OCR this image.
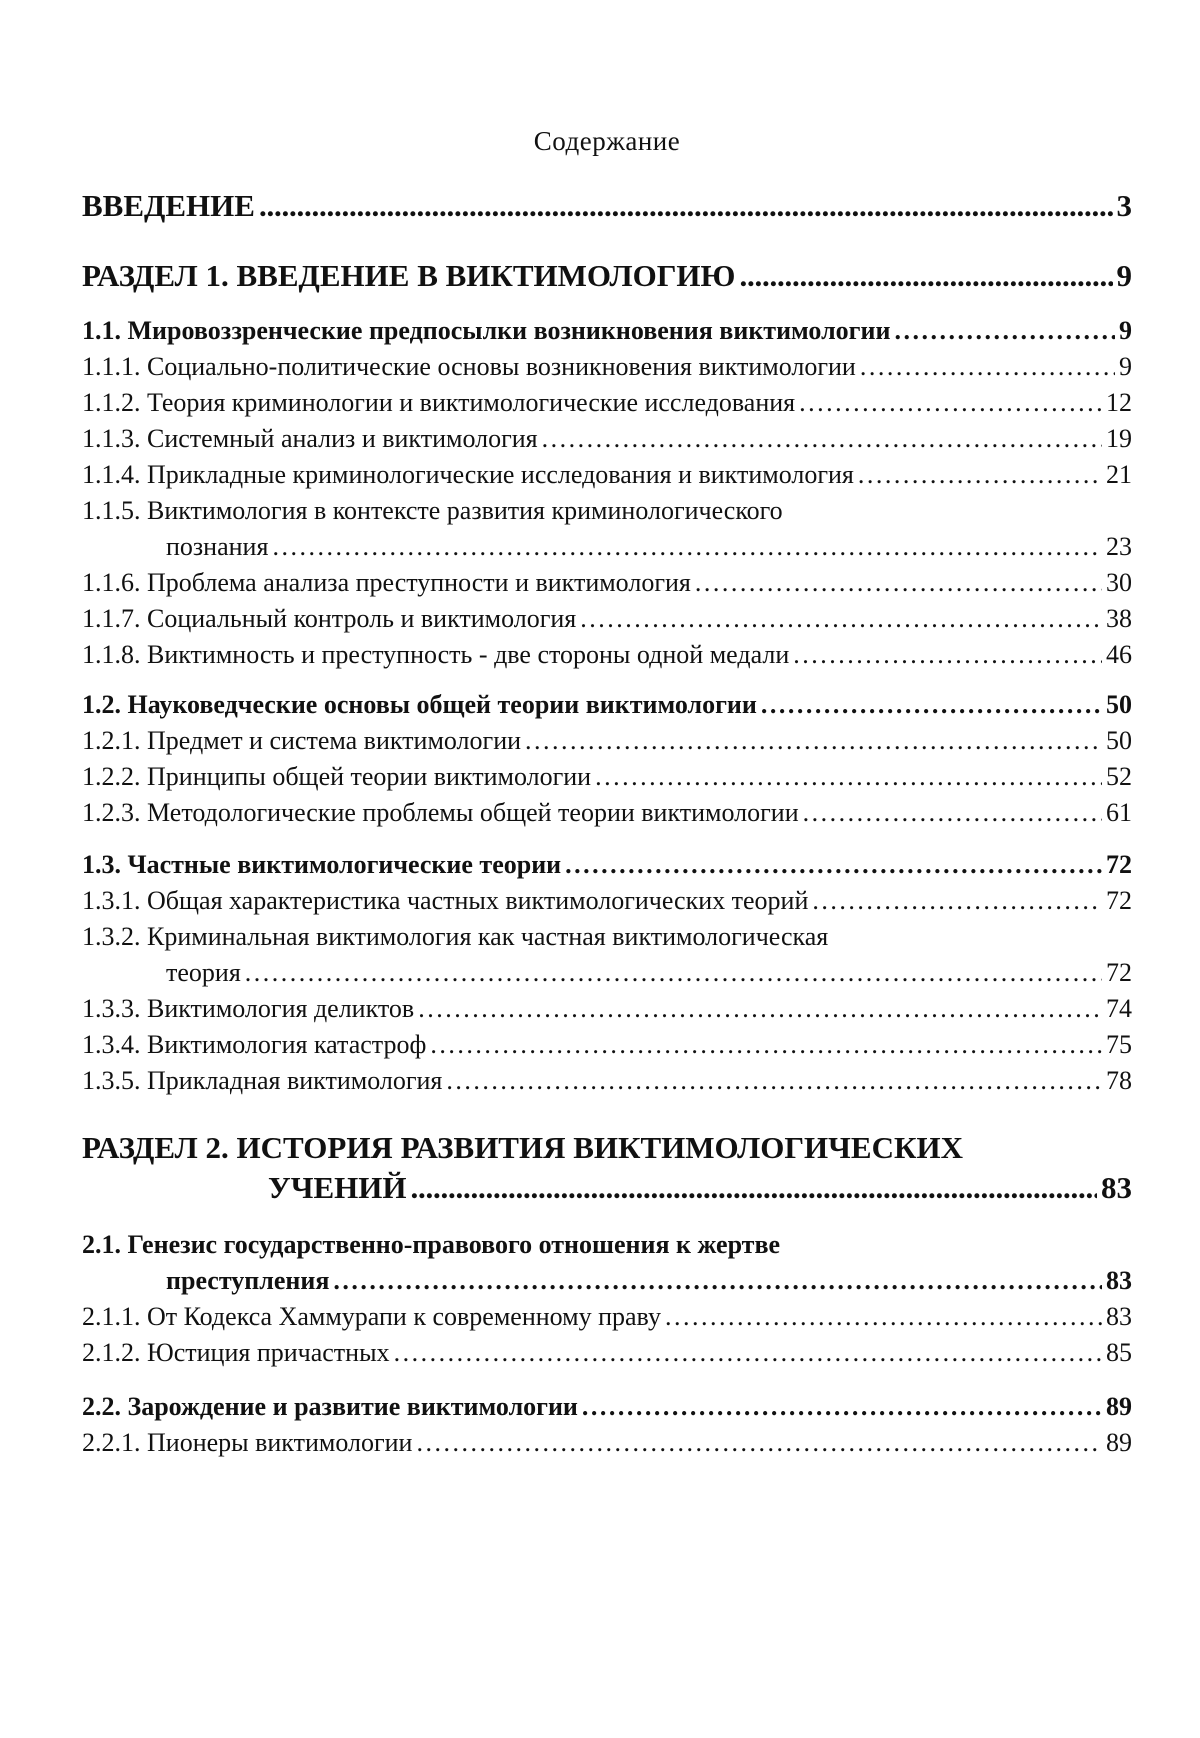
Содержание
ВВЕДЕНИЕ
. . .	3
РАЗДЕЛ 1. ВВЕДЕНИЕ В ВИКТИМОЛОГИЮ
. . .	9
1.1. Мировоззренческие предпосылки возникновения виктимологии
. . .	9
1.1.1. Социально-политические основы возникновения виктимологии
. . .	9
1.1.2. Теория криминологии и виктимологические исследования
. . .	12
1.1.3. Системный анализ и виктимология
. . .	19
1.1.4. Прикладные криминологические исследования и виктимология
. . .	21
1.1.5. Виктимология в контексте развития криминологического
познания
. . .	23
1.1.6. Проблема анализа преступности и виктимология
. . .	30
1.1.7. Социальный контроль и виктимология
. . .	38
1.1.8. Виктимность и преступность - две стороны одной медали
. . .	46
1.2. Науковедческие основы общей теории виктимологии
. . .	50
1.2.1. Предмет и система виктимологии
. . .	50
1.2.2. Принципы общей теории виктимологии
. . .	52
1.2.3. Методологические проблемы общей теории виктимологии
. . .	61
1.3. Частные виктимологические теории
. . .	72
1.3.1. Общая характеристика частных виктимологических теорий
. . .	72
1.3.2. Криминальная виктимология как частная виктимологическая
теория
. . .	72
1.3.3. Виктимология деликтов
. . .	74
1.3.4. Виктимология катастроф
. . .	75
1.3.5. Прикладная виктимология
. . .	78
РАЗДЕЛ 2. ИСТОРИЯ РАЗВИТИЯ ВИКТИМОЛОГИЧЕСКИХ
УЧЕНИЙ
. . .	83
2.1. Генезис государственно-правового отношения к жертве
преступления
. . .	83
2.1.1. От Кодекса Хаммурапи к современному праву
. . .	83
2.1.2. Юстиция причастных
. . .	85
2.2. Зарождение и развитие виктимологии
. . .	89
2.2.1. Пионеры виктимологии
. . .	89
